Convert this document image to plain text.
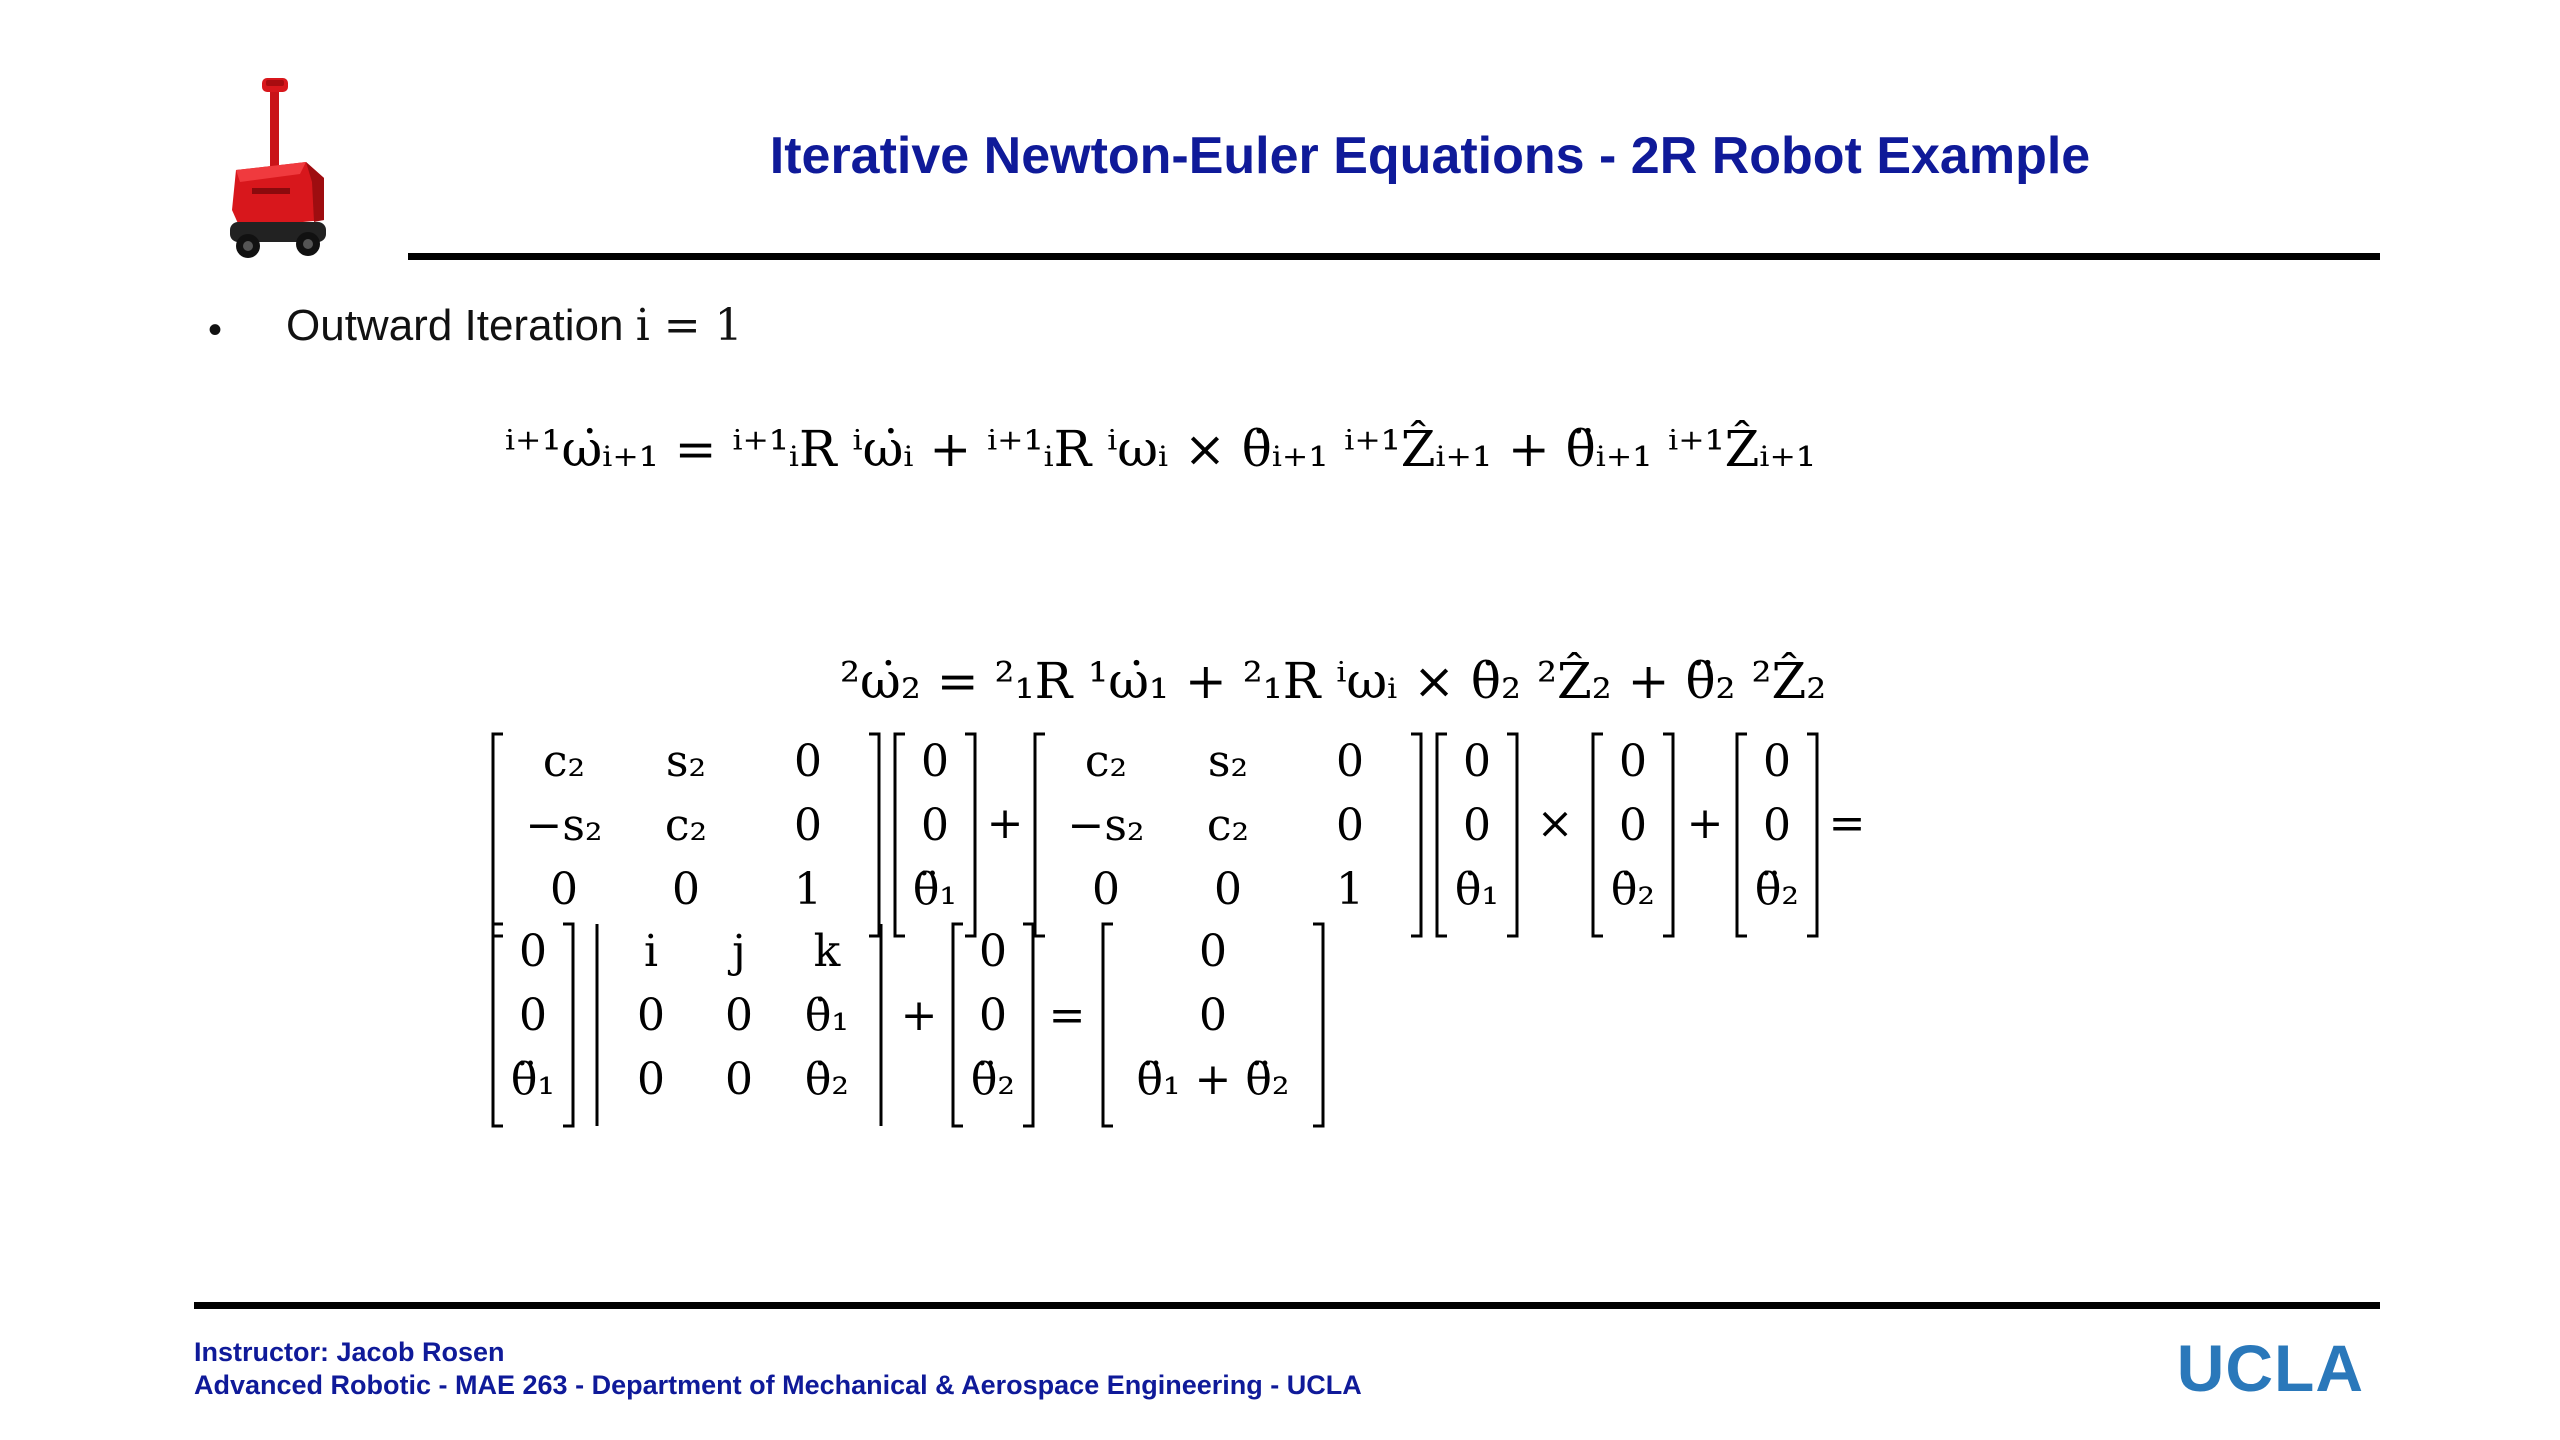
Iterative Newton-Euler Equations - 2R Robot Example
• Outward Iteration i = 1
ⁱ⁺¹ω̇ᵢ₊₁ = ⁱ⁺¹ᵢR ⁱω̇ᵢ + ⁱ⁺¹ᵢR ⁱωᵢ × θ̇ᵢ₊₁ ⁱ⁺¹Ẑᵢ₊₁ + θ̈ᵢ₊₁ ⁱ⁺¹Ẑᵢ₊₁
²ω̇₂ = ²₁R ¹ω̇₁ + ²₁R ⁱωᵢ × θ̇₂ ²Ẑ₂ + θ̈₂ ²Ẑ₂
c₂ s₂ 0
−s₂ c₂ 0
0 0 1
0
0
θ̈₁
+
c₂ s₂ 0
−s₂ c₂ 0
0 0 1
0
0
θ̇₁
×
0
0
θ̇₂
+
0
0
θ̈₂
=
0
0
θ̈₁
i j k
0 0 θ̇₁
0 0 θ̇₂
+
0
0
θ̈₂
=
0
0
θ̈₁ + θ̈₂
Instructor: Jacob Rosen
Advanced Robotic - MAE 263 - Department of Mechanical & Aerospace Engineering - UCLA	UCLA
